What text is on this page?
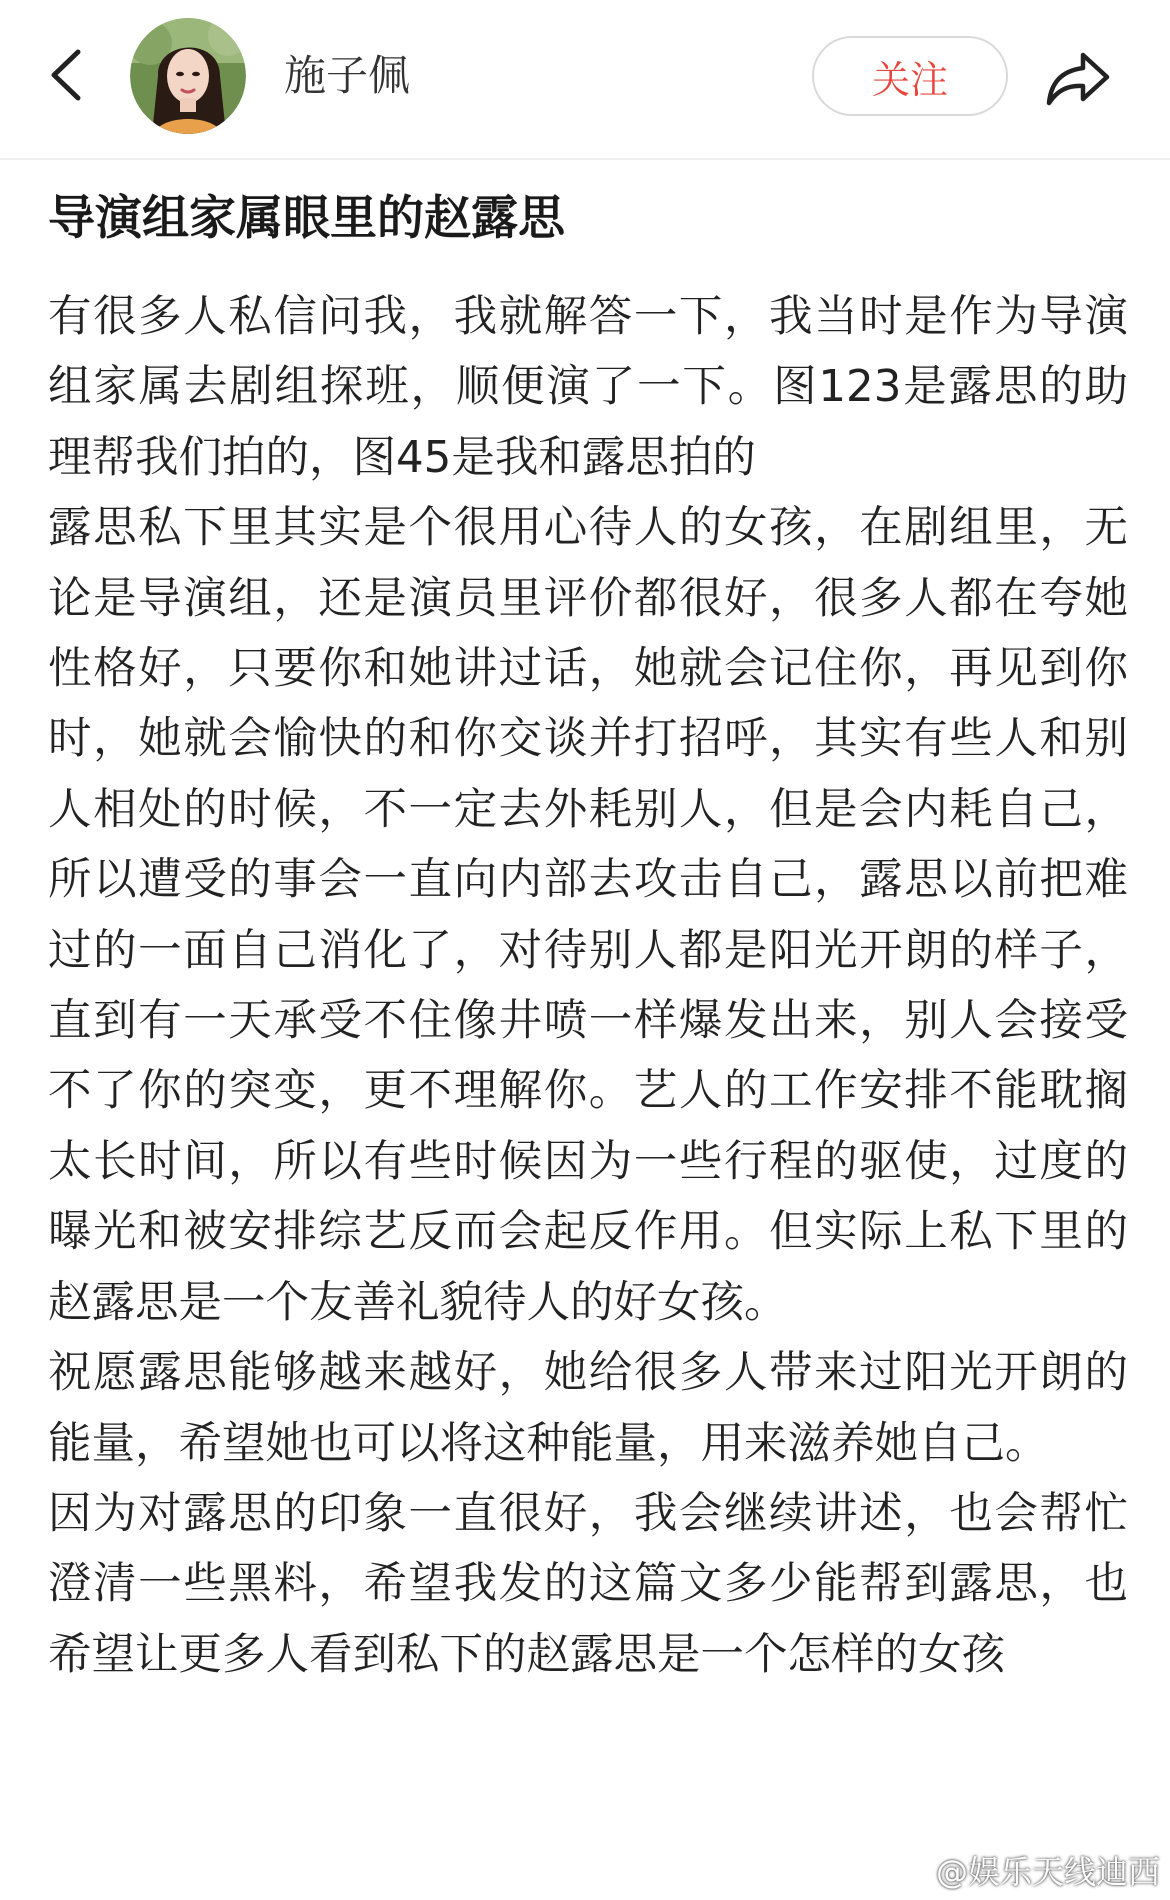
施子佩	关注
导演组家属眼里的赵露思

有很多人私信问我，我就解答一下，我当时是作为导演组家属去剧组探班，顺便演了一下。图123是露思的助理帮我们拍的，图45是我和露思拍的

露思私下里其实是个很用心待人的女孩，在剧组里，无论是导演组，还是演员里评价都很好，很多人都在夸她性格好，只要你和她讲过话，她就会记住你，再见到你时，她就会愉快的和你交谈并打招呼，其实有些人和别人相处的时候，不一定去外耗别人，但是会内耗自己，所以遭受的事会一直向内部去攻击自己，露思以前把难过的一面自己消化了，对待别人都是阳光开朗的样子，直到有一天承受不住像井喷一样爆发出来，别人会接受不了你的突变，更不理解你。艺人的工作安排不能耽搁太长时间，所以有些时候因为一些行程的驱使，过度的曝光和被安排综艺反而会起反作用。但实际上私下里的赵露思是一个友善礼貌待人的好女孩。

祝愿露思能够越来越好，她给很多人带来过阳光开朗的能量，希望她也可以将这种能量，用来滋养她自己。

因为对露思的印象一直很好，我会继续讲述，也会帮忙澄清一些黑料，希望我发的这篇文多少能帮到露思，也希望让更多人看到私下的赵露思是一个怎样的女孩

@娱乐天线迪西
